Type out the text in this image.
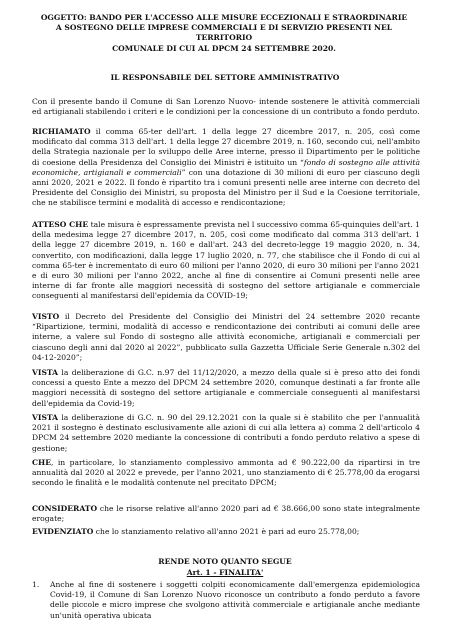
OGGETTO: BANDO PER L'ACCESSO ALLE MISURE ECCEZIONALI E STRAORDINARIE

A SOSTEGNO DELLE IMPRESE COMMERCIALI E DI SERVIZIO PRESENTI NEL TERRITORIO

COMUNALE DI CUI AL DPCM 24 SETTEMBRE 2020.

IL RESPONSABILE DEL SETTORE AMMINISTRATIVO

Con il presente bando il Comune di San Lorenzo Nuovo- intende sostenere le attività commerciali ed artigianali stabilendo i criteri e le condizioni per la concessione di un contributo a fondo perduto.

RICHIAMATO il comma 65-ter dell'art. 1 della legge 27 dicembre 2017, n. 205, così come modificato dal comma 313 dell'art. 1 della legge 27 dicembre 2019, n. 160, secondo cui, nell'ambito della Strategia nazionale per lo sviluppo delle Aree interne, presso il Dipartimento per le politiche di coesione della Presidenza del Consiglio dei Ministri è istituito un “fondo di sostegno alle attività economiche, artigianali e commerciali” con una dotazione di 30 milioni di euro per ciascuno degli anni 2020, 2021 e 2022. Il fondo è ripartito tra i comuni presenti nelle aree interne con decreto del Presidente del Consiglio dei Ministri, su proposta del Ministro per il Sud e la Coesione territoriale, che ne stabilisce termini e modalità di accesso e rendicontazione;

ATTESO CHE tale misura è espressamente prevista nel l successivo comma 65-quinquies dell'art. 1 della medesima legge 27 dicembre 2017, n. 205, così come modificato dal comma 313 dell'art. 1 della legge 27 dicembre 2019, n. 160 e dall'art. 243 del decreto-legge 19 maggio 2020, n. 34, convertito, con modificazioni, dalla legge 17 luglio 2020, n. 77, che stabilisce che il Fondo di cui al comma 65-ter è incrementato di euro 60 milioni per l'anno 2020, di euro 30 milioni per l'anno 2021 e di euro 30 milioni per l'anno 2022, anche al fine di consentire ai Comuni presenti nelle aree interne di far fronte alle maggiori necessità di sostegno del settore artigianale e commerciale conseguenti al manifestarsi dell'epidemia da COVID-19;

VISTO il Decreto del Presidente del Consiglio dei Ministri del 24 settembre 2020 recante “Ripartizione, termini, modalità di accesso e rendicontazione dei contributi ai comuni delle aree interne, a valere sul Fondo di sostegno alle attività economiche, artigianali e commerciali per ciascuno degli anni dal 2020 al 2022”, pubblicato sulla Gazzetta Ufficiale Serie Generale n.302 del 04-12-2020”;

VISTA la deliberazione di G.C. n.97 del 11/12/2020, a mezzo della quale si è preso atto dei fondi concessi a questo Ente a mezzo del DPCM 24 settembre 2020, comunque destinati a far fronte alle maggiori necessità di sostegno del settore artigianale e commerciale conseguenti al manifestarsi dell'epidemia da Covid-19;

VISTA la deliberazione di G.C. n. 90 del 29.12.2021 con la quale si è stabilito che per l'annualità 2021 il sostegno è destinato esclusivamente alle azioni di cui alla lettera a) comma 2 dell'articolo 4 DPCM 24 settembre 2020 mediante la concessione di contributi a fondo perduto relativo a spese di gestione;

CHE, in particolare, lo stanziamento complessivo ammonta ad € 90.222,00 da ripartirsi in tre annualità dal 2020 al 2022 e prevede, per l'anno 2021, uno stanziamento di € 25.778,00 da erogarsi secondo le finalità e le modalità contenute nel precitato DPCM;

CONSIDERATO che le risorse relative all'anno 2020 pari ad € 38.666,00 sono state integralmente erogate;

EVIDENZIATO che lo stanziamento relativo all'anno 2021 è pari ad euro 25.778,00;

RENDE NOTO QUANTO SEGUE

Art. 1 - FINALITA'

1. Anche al fine di sostenere i soggetti colpiti economicamente dall'emergenza epidemiologica Covid-19, il Comune di San Lorenzo Nuovo riconosce un contributo a fondo perduto a favore delle piccole e micro imprese che svolgono attività commerciale e artigianale anche mediante un'unità operativa ubicata
